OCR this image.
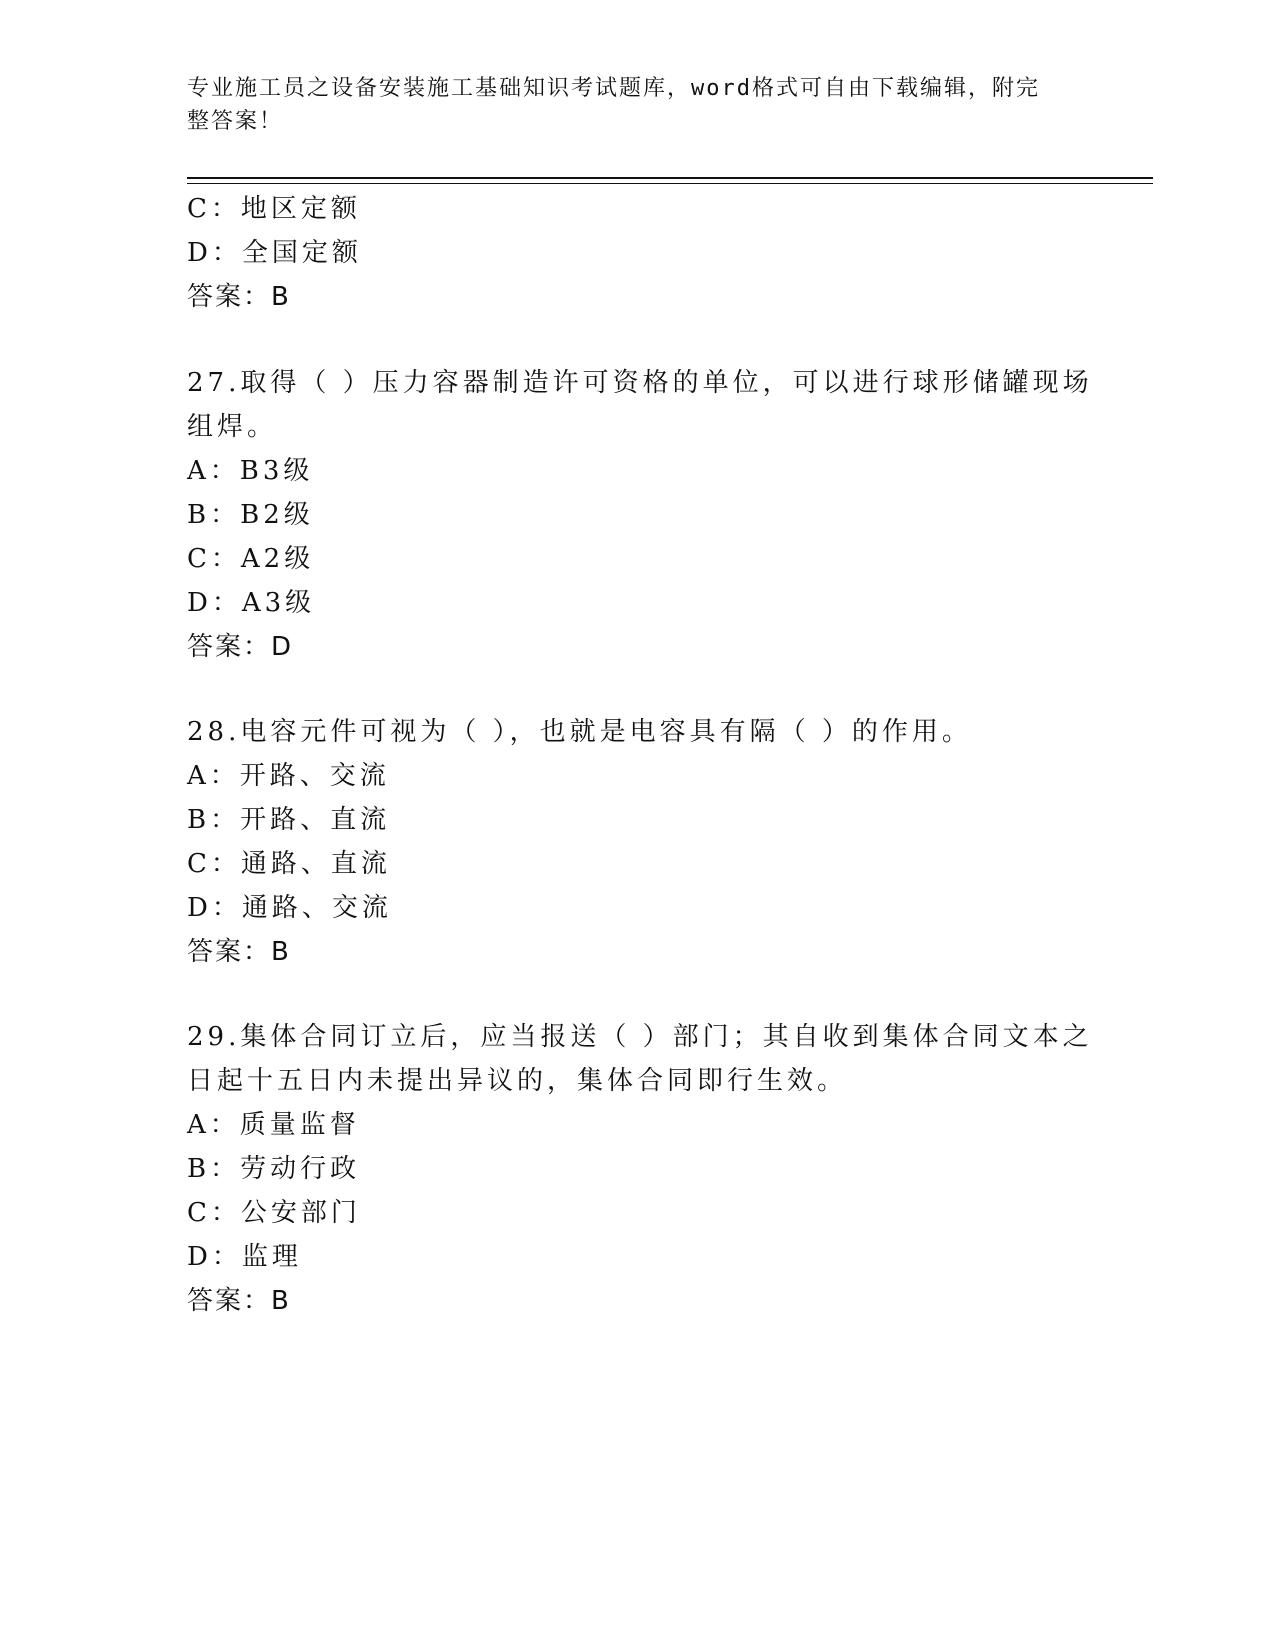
专业施工员之设备安装施工基础知识考试题库，word格式可自由下载编辑，附完
整答案！
C：地区定额
D：全国定额
答案：B
27.取得（ ）压力容器制造许可资格的单位，可以进行球形储罐现场
组焊。
A：B3级
B：B2级
C：A2级
D：A3级
答案：D
28.电容元件可视为（ ），也就是电容具有隔（ ）的作用。
A：开路、交流
B：开路、直流
C：通路、直流
D：通路、交流
答案：B
29.集体合同订立后，应当报送（ ）部门；其自收到集体合同文本之
日起十五日内未提出异议的，集体合同即行生效。
A：质量监督
B：劳动行政
C：公安部门
D：监理
答案：B
